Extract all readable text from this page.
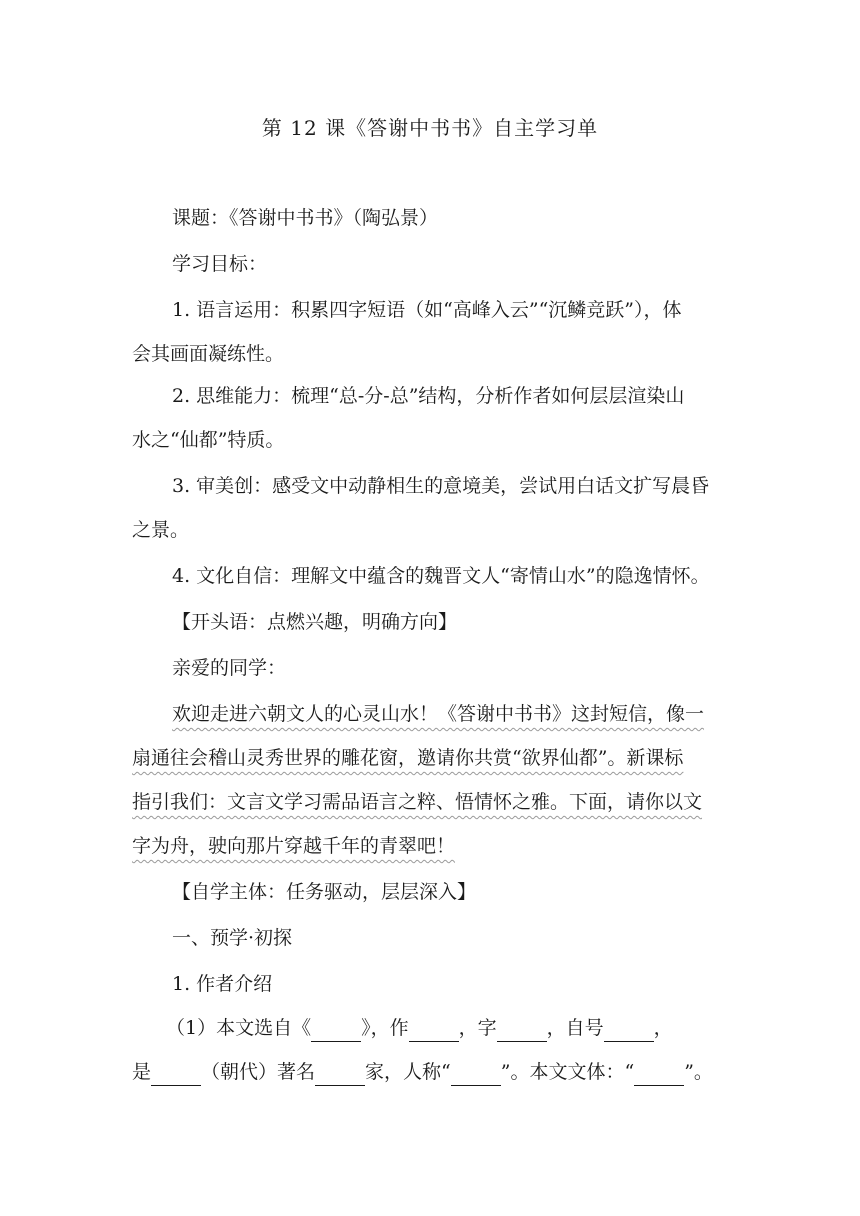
第 12 课《答谢中书书》自主学习单
课题：《答谢中书书》（陶弘景）
学习目标：
1. 语言运用：积累四字短语（如“高峰入云”“沉鳞竞跃”），体
会其画面凝练性。
2. 思维能力：梳理“总-分-总”结构，分析作者如何层层渲染山
水之“仙都”特质。
3. 审美创：感受文中动静相生的意境美，尝试用白话文扩写晨昏
之景。
4. 文化自信：理解文中蕴含的魏晋文人“寄情山水”的隐逸情怀。
【开头语：点燃兴趣，明确方向】
亲爱的同学：
欢迎走进六朝文人的心灵山水！《答谢中书书》这封短信，像一
扇通往会稽山灵秀世界的雕花窗，邀请你共赏“欲界仙都”。新课标
指引我们：文言文学习需品语言之粹、悟情怀之雅。下面，请你以文
字为舟，驶向那片穿越千年的青翠吧！
【自学主体：任务驱动，层层深入】
一、预学·初探
1. 作者介绍
（1）本文选自《	》，作	，字	，自号	，
是	（朝代）著名	家，人称“	”。本文文体：“	”。
